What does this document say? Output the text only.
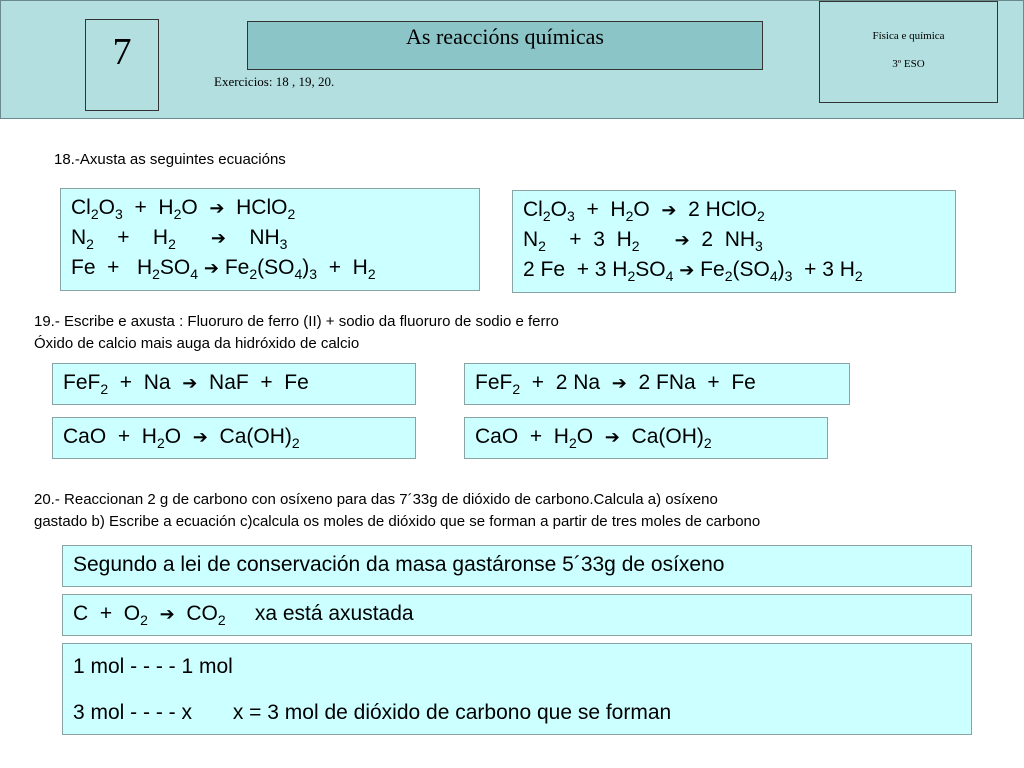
7	As reaccións químicas
Exercicios: 18 , 19, 20.
Física e química
3º ESO
18.-Axusta as seguintes ecuacións
$Cl_2O_3 + H_2O$  ➔  HClO$_2$
$N_2$    +    $H_2$ ➔    $NH_3$
$Fe + H_2SO_4$ ➔ $Fe_2(SO_4)_3 + H_2$
$Cl_2O_3 + H_2O$  ➔  2 HClO$_2$
$N_2$    +  3  $H_2$ ➔  2  $NH_3$
2 Fe  + 3 $H_2SO_4$ ➔ $Fe_2(SO_4)_3 + 3$ $H_2$
19.- Escribe e axusta : Fluoruro de ferro (II) + sodio da fluoruro de sodio e ferro
Óxido de calcio mais auga da hidróxido de calcio
FeF$_2$  +  Na  ➔  NaF  +  Fe	FeF$_2$  +  2 Na  ➔  2 FNa  +  Fe
CaO  +  $H_2O$  ➔  $Ca(OH)_2$	CaO  +  $H_2O$  ➔  $Ca(OH)_2$
20.- Reaccionan 2 g de carbono con osíxeno para das 7´33g de dióxido de carbono.Calcula a) osíxeno
gastado b) Escribe a ecuación c)calcula os moles de dióxido que se forman a partir de tres moles de carbono
Segundo a lei de conservación da masa gastáronse 5´33g de osíxeno
$C + O_2$ ➔  $CO_2$ xa está axustada
1 mol - - - - 1 mol
3 mol - - - - x x = 3 mol de dióxido de carbono que se forman
